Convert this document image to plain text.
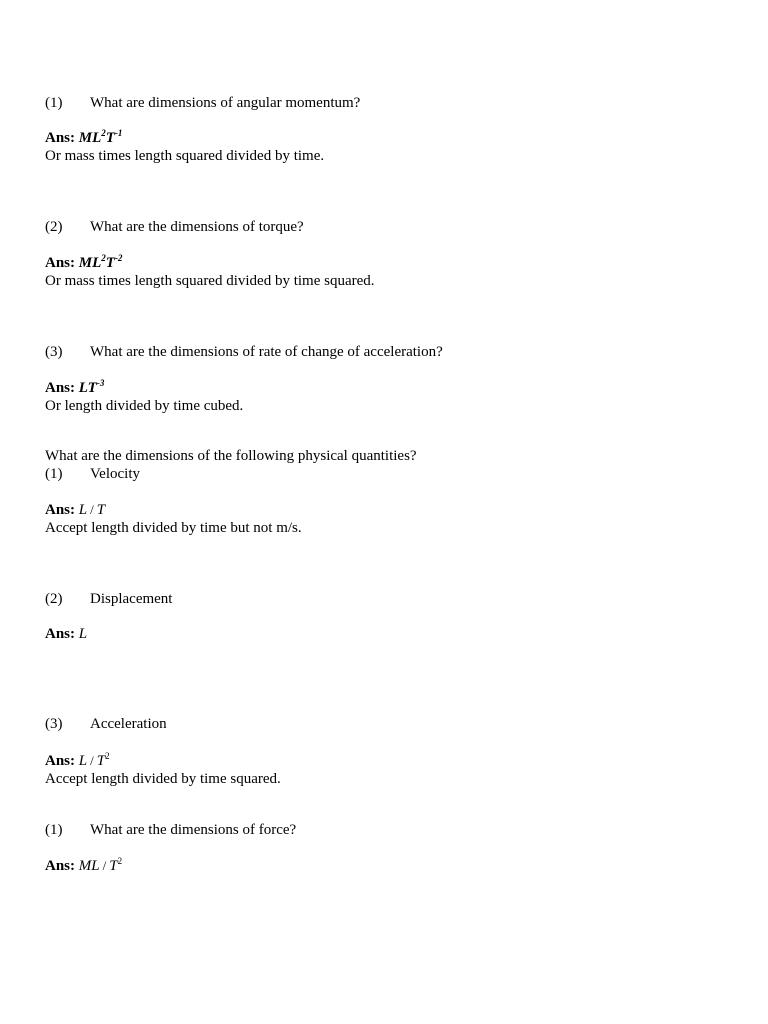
(1) What are dimensions of angular momentum?
Ans: $ML^2T^{-1}$
Or mass times length squared divided by time.
(2) What are the dimensions of torque?
Ans: $ML^2T^{-2}$
Or mass times length squared divided by time squared.
(3) What are the dimensions of rate of change of acceleration?
Ans: $LT^{-3}$
Or length divided by time cubed.
What are the dimensions of the following physical quantities?
(1) Velocity
Ans: L / T
Accept length divided by time but not m/s.
(2) Displacement
Ans: L
(3) Acceleration
Ans: L / $T^2$
Accept length divided by time squared.
(1) What are the dimensions of force?
Ans: ML / $T^2$
